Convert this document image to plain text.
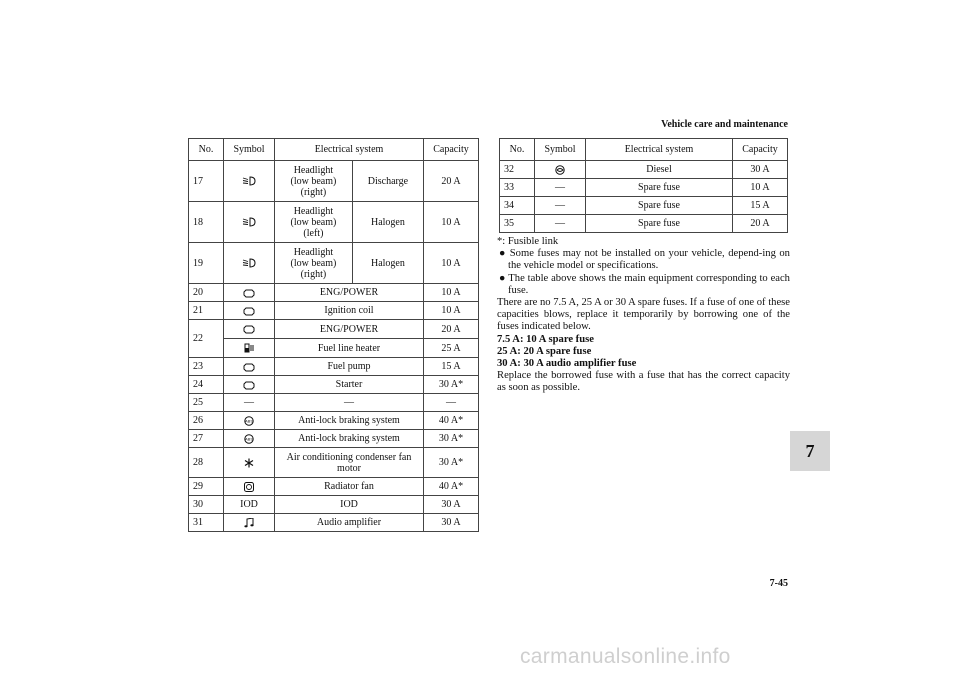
Vehicle care and maintenance
7-45
7
carmanualsonline.info
No.	Symbol	Electrical system		Capacity
17		Headlight
(low beam)
(right)	Discharge	20 A
18		Headlight
(low beam)
(left)	Halogen	10 A
19		Headlight
(low beam)
(right)	Halogen	10 A
20		ENG/POWER		10 A
21		Ignition coil		10 A
22		ENG/POWER		20 A
	Fuel line heater		25 A
23		Fuel pump		15 A
24		Starter		30 A*
25	—	—		—
26		Anti-lock braking system		40 A*
27		Anti-lock braking system		30 A*
28		Air conditioning condenser fan motor		30 A*
29		Radiator fan		40 A*
30	IOD	IOD		30 A
31		Audio amplifier		30 A
No.	Symbol	Electrical system	Capacity
32		Diesel	30 A
33	—	Spare fuse	10 A
34	—	Spare fuse	15 A
35	—	Spare fuse	20 A

*: Fusible link

● Some fuses may not be installed on your vehicle, depend-ing on the vehicle model or specifications.

● The table above shows the main equipment corresponding to each fuse.

There are no 7.5 A, 25 A or 30 A spare fuses. If a fuse of one of these capacities blows, replace it temporarily by borrowing one of the fuses indicated below.

7.5 A: 10 A spare fuse

25 A: 20 A spare fuse

30 A: 30 A audio amplifier fuse

Replace the borrowed fuse with a fuse that has the correct capacity as soon as possible.
